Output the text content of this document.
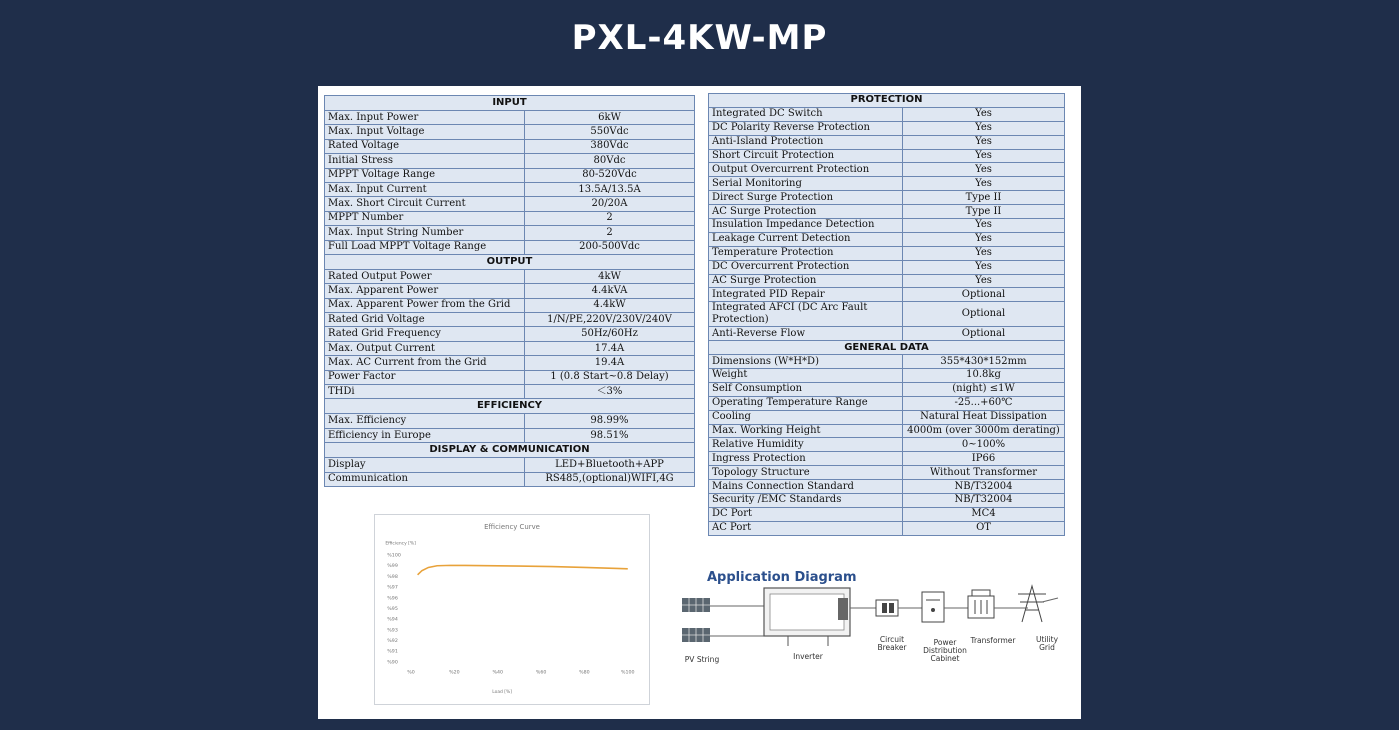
PXL-4KW-MP
INPUT	
Max. Input Power	6kW
Max. Input Voltage	550Vdc
Rated Voltage	380Vdc
Initial Stress	80Vdc
MPPT Voltage Range	80-520Vdc
Max. Input Current	13.5A/13.5A
Max. Short Circuit Current	20/20A
MPPT Number	2
Max. Input String Number	2
Full Load MPPT Voltage Range	200-500Vdc
OUTPUT	
Rated Output Power	4kW
Max. Apparent Power	4.4kVA
Max. Apparent Power from the Grid	4.4kW
Rated Grid Voltage	1/N/PE,220V/230V/240V
Rated Grid Frequency	50Hz/60Hz
Max. Output Current	17.4A
Max. AC Current from the Grid	19.4A
Power Factor	1 (0.8 Start~0.8 Delay)
THDi	＜3%
EFFICIENCY	
Max. Efficiency	98.99%
Efficiency in Europe	98.51%
DISPLAY & COMMUNICATION	
Display	LED+Bluetooth+APP
Communication	RS485,(optional)WIFI,4G
PROTECTION	
Integrated DC Switch	Yes
DC Polarity Reverse Protection	Yes
Anti-Island Protection	Yes
Short Circuit Protection	Yes
Output Overcurrent Protection	Yes
Serial Monitoring	Yes
Direct Surge Protection	Type II
AC Surge Protection	Type II
Insulation Impedance Detection	Yes
Leakage Current Detection	Yes
Temperature Protection	Yes
DC Overcurrent Protection	Yes
AC Surge Protection	Yes
Integrated PID Repair	Optional
Integrated AFCI (DC Arc Fault Protection)	Optional
Anti-Reverse Flow	Optional
GENERAL DATA	
Dimensions (W*H*D)	355*430*152mm
Weight	10.8kg
Self Consumption	(night) ≤1W
Operating Temperature Range	-25...+60℃
Cooling	Natural Heat Dissipation
Max. Working Height	4000m (over 3000m derating)
Relative Humidity	0~100%
Ingress Protection	IP66
Topology Structure	Without Transformer
Mains Connection Standard	NB/T32004
Security /EMC Standards	NB/T32004
DC Port	MC4
AC Port	OT
Efficiency Curve
Efficiency [%]
Load [%]
%100
%99
%98
%97
%96
%95
%94
%93
%92
%91
%90
%0	%20	%40	%60	%80	%100
Application Diagram
PV String	Inverter
Circuit Breaker
Power Distribution Cabinet
Transformer	Utility Grid
